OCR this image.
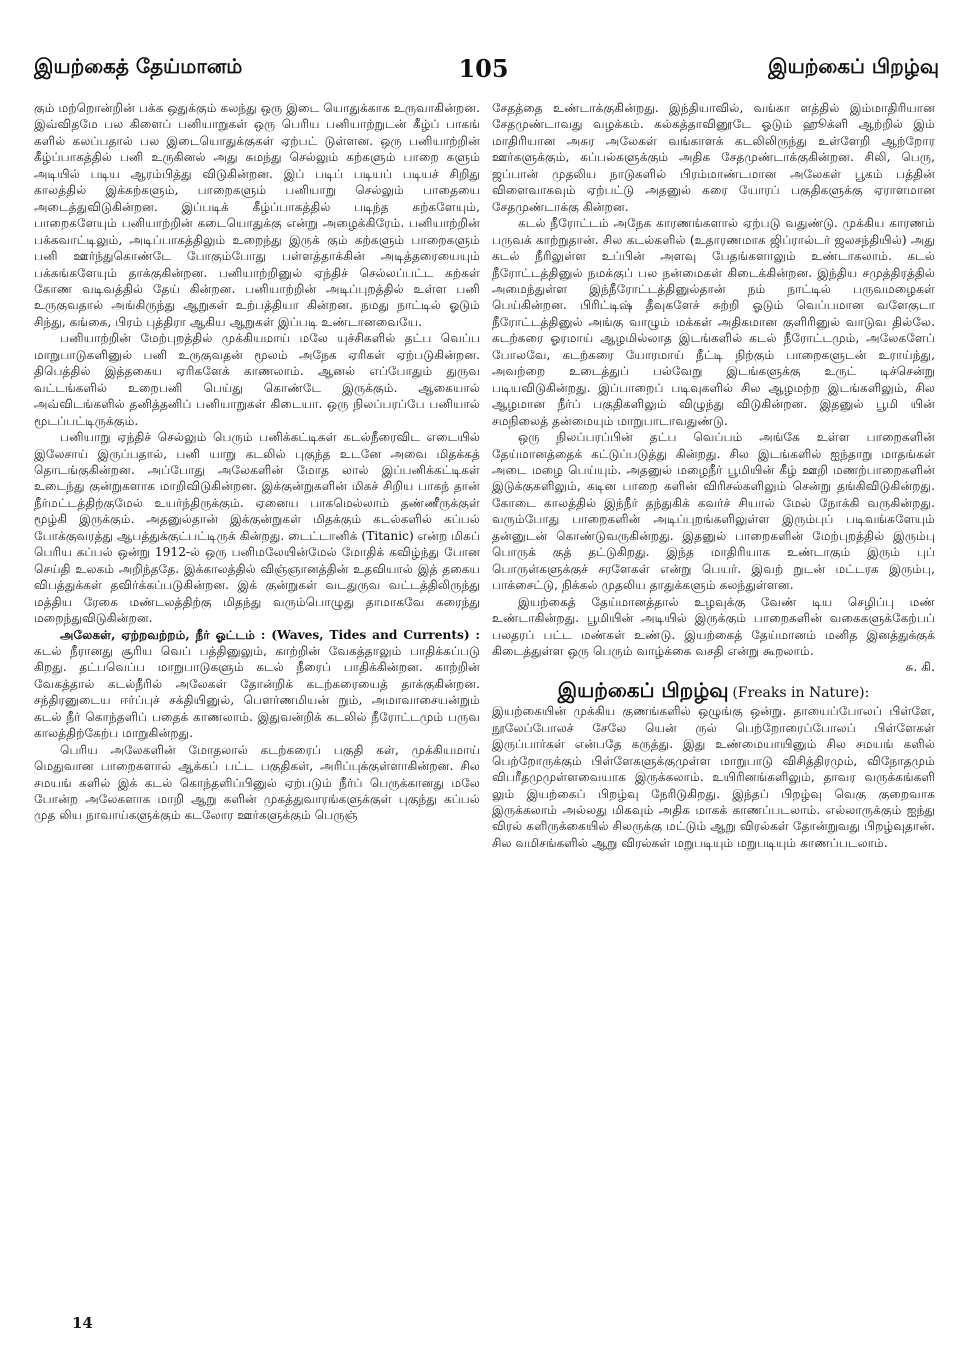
இயற்கைத் தேய்மானம்	105	இயற்கைப் பிறழ்வு

கும் மற்றொன்றின் பக்க ஒதுக்கும் கலந்து ஒரு இடை யொதுக்காக உருவாகின்றன. இவ்விதமே பல கிளைப் பனியாறுகள் ஒரு பெரிய பனியாற்றுடன் கீழ்ப் பாகங் களில் கலப்பதால் பல இடையொதுக்குகள் ஏற்பட் டுள்ளன. ஒரு பனியாற்றின் கீழ்ப்பாகத்தில் பனி உருகினல் அது சுமந்து செல்லும் கற்களும் பாறை களும் அடியில் படிய ஆரம்பித்து விடுகின்றன. இப் படிப் படியப் படியச் சிறிது காலத்தில் இக்கற்களும், பாறைகளும் பனியாறு செல்லும் பாதையை அடைத்துவிடுகின்றன. இப்படிக் கீழ்ப்பாகத்தில் படிந்த கற்களேயும், பாறைகளேயும் பனியாற்றின் கடையொதுக்கு என்று அழைக்கிரேம். பனியாற்றின் பக்கவாட்டிலும், அடிப்பாகத்திலும் உறைந்து இருக் கும் கற்களும் பாறைகளும் பனி ஊர்ந்துகொண்டே போகும்போது பள்ளத்தாக்கின் அடித்தரையையும் பக்கங்களேயும் தாக்குகின்றன. பனியாற்றினுல் ஏந்திச் செல்லப்பட்ட கற்கள் கோண வடிவத்தில் தேய் கின்றன. பனியாற்றின் அடிப்புறத்தில் உள்ள பனி உருகுவதால் அங்கிருந்து ஆறுகள் உற்பத்தியா கின்றன. நமது நாட்டில் ஓடும் சிந்து, கங்கை, பிரம் புத்திரா ஆகிய ஆறுகள் இப்படி உண்டானவையே.

பனியாற்றின் மேற்புறத்தில் முக்கியமாய் மலே யுச்சிகளில் தட்ப வெப்ப மாறுபாடுகளினுல் பனி உருகுவதன் மூலம் அநேக ஏரிகள் ஏற்படுகின்றன. திபெத்தில் இத்தகைய ஏரிகளேக் காணலாம். ஆனல் எப்போதும் துருவ வட்டங்களில் உறைபனி பெய்து கொண்டே இருக்கும். ஆகையால் அவ்விடங்களில் தனித்தனிப் பனியாறுகள் கிடையா. ஒரு நிலப்பரப்பே பனியால் மூடப்பட்டிருக்கும்.

பனியாறு ஏந்திச் செல்லும் பெரும் பனிக்கட்டிகள் கடல்நீரைவிட எடையில் இலேசாய் இருப்பதால், பனி யாறு கடலில் புகுந்த உடனே அவை மிதக்கத் தொடங்குகின்றன. அப்போது அலேகளின் மோத லால் இப்பனிக்கட்டிகள் உடைந்து குன்றுகளாக மாறிவிடுகின்றன. இக்குன்றுகளின் மிகச் சிறிய பாகந் தான் நீர்மட்டத்திற்குமேல் உயர்ந்திருக்கும். ஏனைய பாகமெல்லாம் தண்ணீருக்குள் மூழ்கி இருக்கும். அதனுல்தான் இக்குன்றுகள் மிதக்கும் கடல்களில் கப்பல் போக்குவரத்து ஆபத்துக்குட்பட்டிருக் கின்றது. டைட்டானிக் (Titanic) என்ற மிகப் பெரிய கப்பல் ஒன்று 1912-ல் ஒரு பனிமலேயின்மேல் மோதிக் கவிழ்ந்து போன செய்தி உலகம் அறிந்ததே. இக்காலத்தில் விஞ்ஞானத்தின் உதவியால் இத் தகைய விபத்துக்கள் தவிர்க்கப்படுகின்றன. இக் குன்றுகள் வடதுருவ வட்டத்திலிருந்து மத்திய ரேகை மண்டலத்திற்கு மிதந்து வரும்பொழுது தாமாகவே கரைந்து மறைந்துவிடுகின்றன.

அலேகள், ஏற்றவற்றம், நீர் ஓட்டம் : (Waves, Tides and Currents) : கடல் நீரானது சூரிய வெப் பத்தினுலும், காற்றின் வேகத்தாலும் பாதிக்கப்படு கிறது. தட்பவெப்ப மாறுபாடுகளும் கடல் நீரைப் பாதிக்கின்றன. காற்றின் வேகத்தால் கடல்நீரில் அலேகள் தோன்றிக் கடற்கரையைத் தாக்குகின்றன. சந்திரனுடைய ஈர்ப்புச் சக்தியினுல், பௌர்ணமியன் றும், அமாவாசையன்றும் கடல் நீர் கொந்தளிப் பதைக் காணலாம். இதுவன்றிக் கடலில் நீரோட்டமும் பருவ காலத்திற்கேற்ப மாறுகின்றது.

பெரிய அலேகளின் மோதலால் கடற்கரைப் பகுதி கள், முக்கியமாய் மெதுவான பாறைகளால் ஆக்கப் பட்ட பகுதிகள், அரிப்புக்குள்ளாகின்றன. சில சமயங் களில் இக் கடல் கொந்தளிப்பினுல் ஏற்படும் நீர்ப் பெருக்கானது மலே போன்ற அலேகளாக மாறி ஆறு களின் முகத்துவாரங்களுக்குள் புகுந்து கப்பல் முத லிய நாவாய்களுக்கும் கடலோர ஊர்களுக்கும் பெருஞ்

சேதத்தை உண்டாக்குகின்றது. இந்தியாவில், வங்கா ளத்தில் இம்மாதிரியான சேதமுண்டாவது வழக்கம். கல்கத்தாவினூடே ஓடும் ஹூக்ளி ஆற்றில் இம் மாதிரியான அசுர அலேகள் வங்காளக் கடலிலிருந்து உள்ளேறி ஆற்றோர ஊர்களுக்கும், கப்பல்களுக்கும் அதிக சேதமுண்டாக்குகின்றன. சிலி, பெரு, ஜப்பான் முதலிய நாடுகளில் பிரம்மாண்டமான அலேகள் பூகம் பத்தின் விளைவாகவும் ஏற்பட்டு அதனுல் கரை யோரப் பகுதிகளுக்கு ஏராளமான சேதமுண்டாக்கு கின்றன.

கடல் நீரோட்டம் அநேக காரணங்களால் ஏற்படு வதுண்டு. முக்கிய காரணம் பருவக் காற்றுதான். சில கடல்களில் (உதாரணமாக ஜிப்ரால்டர் ஜலசந்தியில்) அது கடல் நீரிலுள்ள உப்பின் அளவு பேதங்களாலும் உண்டாகலாம். கடல் நீரோட்டத்தினுல் நமக்குப் பல நன்மைகள் கிடைக்கின்றன. இந்திய சமுத்திரத்தில் அமைந்துள்ள இந்நீரோட்டத்தினுல்தான் நம் நாட்டில் பருவமழைகள் பெய்கின்றன. பிரிட்டிஷ் தீவுகளேச் சுற்றி ஓடும் வெப்பமான வளேகுடா நீரோட்டத்தினுல் அங்கு வாழும் மக்கள் அதிகமான குளிரினுல் வாடுவ தில்லே. கடற்கரை ஓரமாய் ஆழமில்லாத இடங்களில் கடல் நீரோட்டமும், அலேகளேப் போலவே, கடற்கரை யோரமாய் நீட்டி நிற்கும் பாறைகளுடன் உராய்ந்து, அவற்றை உடைத்துப் பல்வேறு இடங்களுக்கு உருட் டிச்சென்று படியவிடுகின்றது. இப்பாறைப் படிவுகளில் சில ஆழமற்ற இடங்களிலும், சில ஆழமான நீர்ப் பகுதிகளிலும் விழுந்து விடுகின்றன. இதனுல் பூமி யின் சமநிலைத் தன்மையும் மாறுபாடாவதுண்டு.

ஒரு நிலப்பரப்பின் தட்ப வெப்பம் அங்கே உள்ள பாறைகளின் தேய்மானத்தைக் கட்டுப்படுத்து கின்றது. சில இடங்களில் ஐந்தாறு மாதங்கள் அடை மழை பெய்யும். அதனுல் மழைநீர் பூமியின் கீழ் ஊறி மணற்பாறைகளின் இடுக்குகளிலும், கடின பாறை களின் விரிசல்களிலும் சென்று தங்கிவிடுகின்றது. கோடை காலத்தில் இந்நீர் தந்துகிக் கவர்ச் சியால் மேல் நோக்கி வருகின்றது. வரும்போது பாறைகளின் அடிப்புறங்களிலுள்ள இரும்புப் படிவங்களேயும் தன்னுடன் கொண்டுவருகின்றது. இதனுல் பாறைகளின் மேற்புறத்தில் இரும்பு பொருக் குத் தட்டுகிறது. இந்த மாதிரியாக உண்டாகும் இரும் புப் பொருள்களுக்குச் சரளேகள் என்று பெயர். இவற் றுடன் மட்டரக இரும்பு, பாக்சைட்டு, நிக்கல் முதலிய தாதுக்களும் கலந்துள்ளன.

இயற்கைத் தேய்மானத்தால் உழவுக்கு வேண் டிய செழிப்பு மண் உண்டாகின்றது. பூமியின் அடியில் இருக்கும் பாறைகளின் வகைகளுக்கேற்பப் பலதரப் பட்ட மண்கள் உண்டு. இயற்கைத் தேய்மானம் மனித இனத்துக்குக் கிடைத்துள்ள ஒரு பெரும் வாழ்க்கை வசதி என்று கூறலாம்.

சு. கி.

இயற்கைப் பிறழ்வு (Freaks in Nature):

இயற்கையின் முக்கிய குணங்களில் ஒழுங்கு ஒன்று. தாயைப்போலப் பிள்ளே, நூலேப்போலச் சேலே யென் ருல் பெற்றோரைப்போலப் பிள்ளேகள் இருப்பார்கள் என்பதே கருத்து. இது உண்மையாயினும் சில சமயங் களில் பெற்றோருக்கும் பிள்ளேகளுக்குமுள்ள மாறுபாடு விசித்திரமும், விநோதமும் விபரீதமுமுள்ளவையாக இருக்கலாம். உயிரினங்களிலும், தாவர வருக்கங்களி லும் இயற்கைப் பிறழ்வு நேரிடுகிறது. இந்தப் பிறழ்வு வெகு குறைவாக இருக்கலாம் அல்லது மிகவும் அதிக மாகக் காணப்படலாம். எல்லாருக்கும் ஐந்து விரல் களிருக்கையில் சிலருக்கு மட்டும் ஆறு விரல்கள் தோன்றுவது பிறழ்வுதான். சில வமிசங்களில் ஆறு விரல்கள் மறுபடியும் மறுபடியும் காணப்படலாம்.

14
